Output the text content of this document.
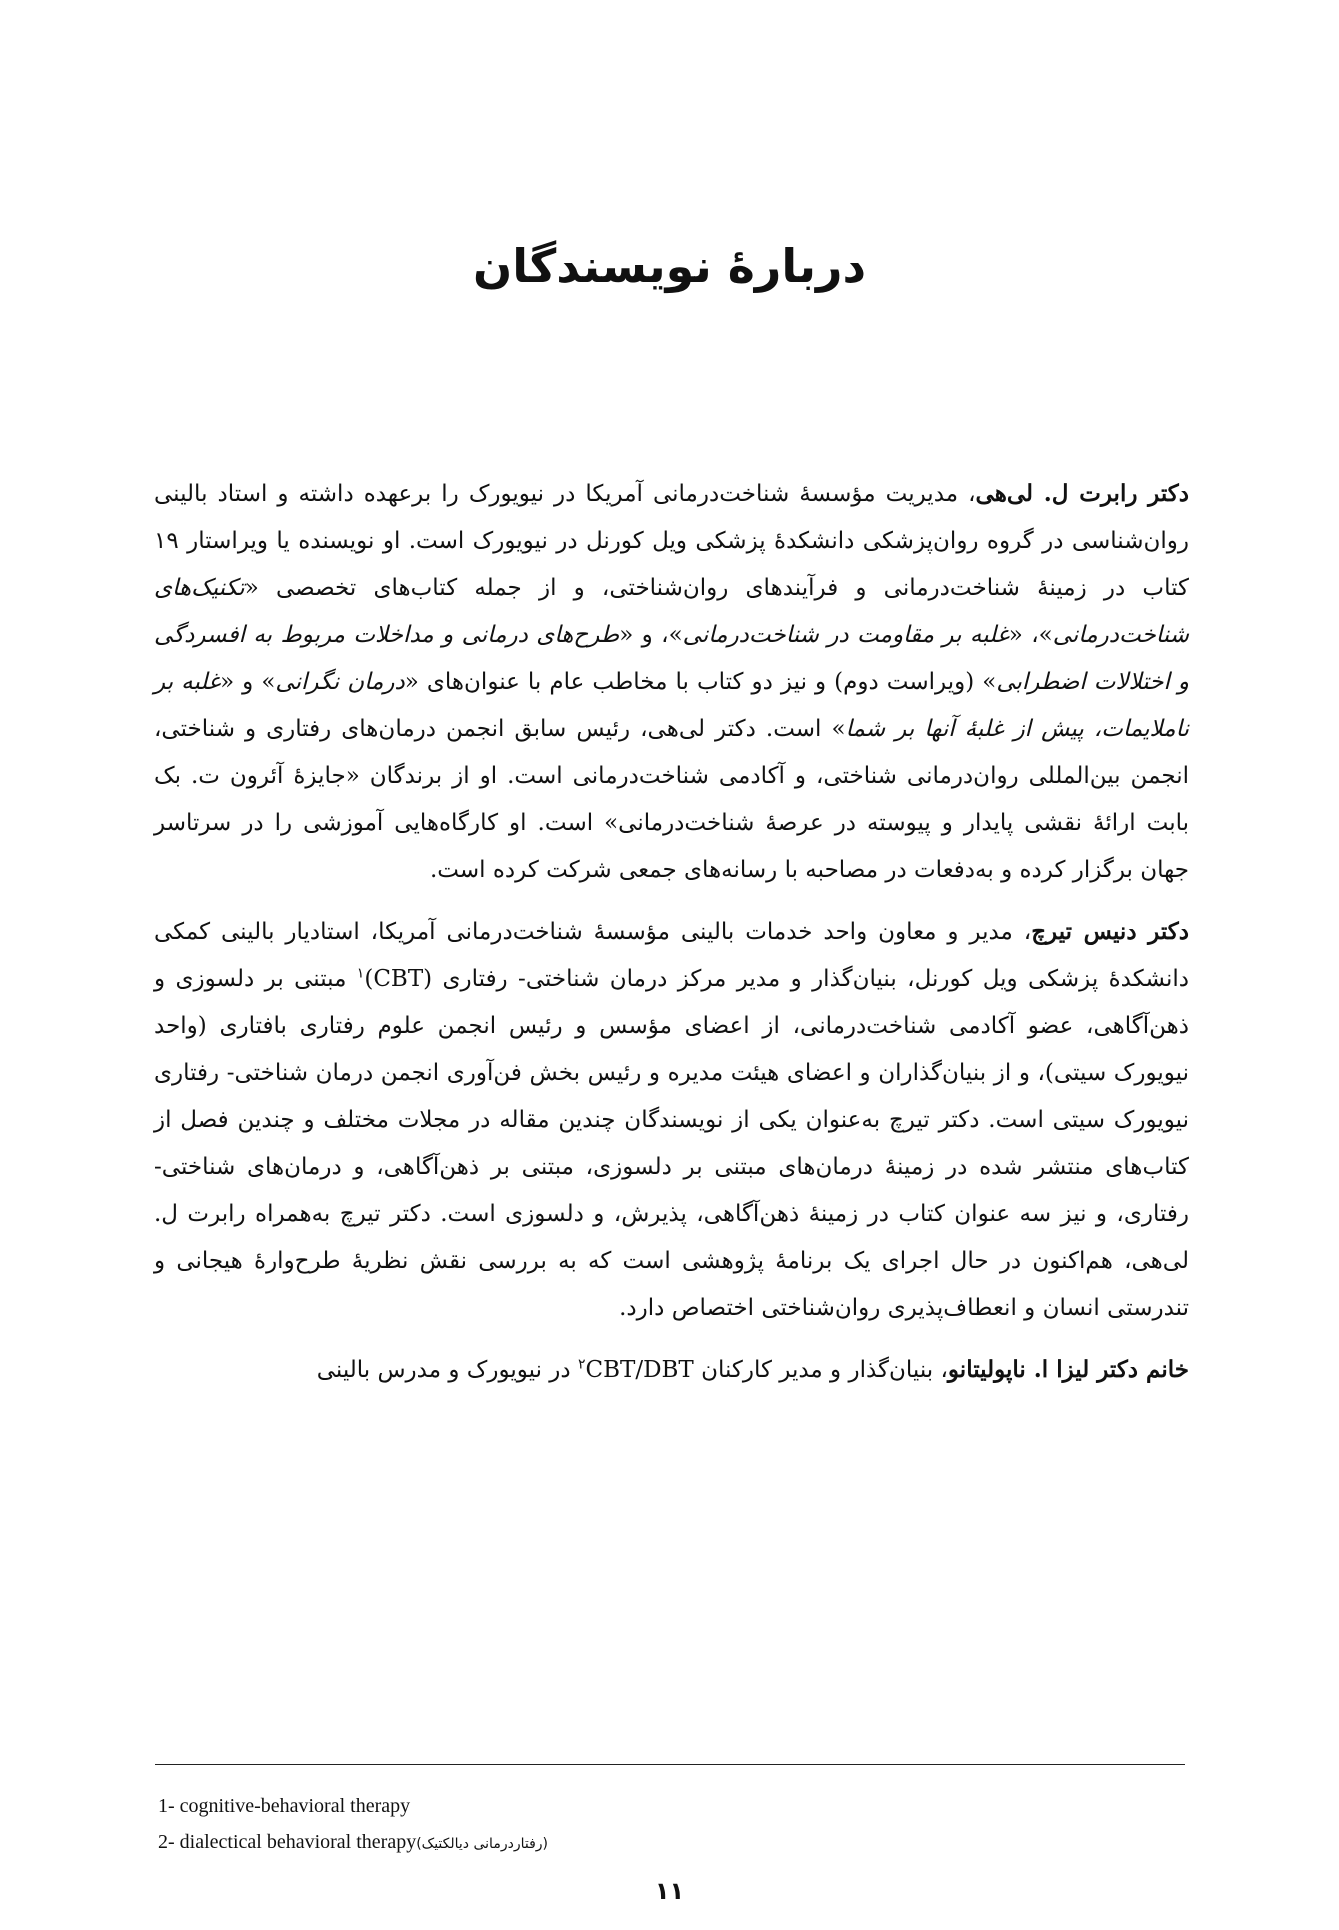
دربارهٔ نویسندگان

دکتر رابرت ل. لی‌هی، مدیریت مؤسسهٔ شناخت‌درمانی آمریکا در نیویورک را برعهده داشته و استاد بالینی روان‌شناسی در گروه روان‌پزشکی دانشکدهٔ پزشکی ویل کورنل در نیویورک است. او نویسنده یا ویراستار ۱۹ کتاب در زمینهٔ شناخت‌درمانی و فرآیندهای روان‌شناختی، و از جمله کتاب‌های تخصصی «تکنیک‌های شناخت‌درمانی»، «غلبه بر مقاومت در شناخت‌درمانی»، و «طرح‌های درمانی و مداخلات مربوط به افسردگی و اختلالات اضطرابی» (ویراست دوم) و نیز دو کتاب با مخاطب عام با عنوان‌های «درمان نگرانی» و «غلبه بر ناملایمات، پیش از غلبهٔ آنها بر شما» است. دکتر لی‌هی، رئیس سابق انجمن درمان‌های رفتاری و شناختی، انجمن بین‌المللی روان‌درمانی شناختی، و آکادمی شناخت‌درمانی است. او از برندگان «جایزهٔ آئرون ت. بک بابت ارائهٔ نقشی پایدار و پیوسته در عرصهٔ شناخت‌درمانی» است. او کارگاه‌هایی آموزشی را در سرتاسر جهان برگزار کرده و به‌دفعات در مصاحبه با رسانه‌های جمعی شرکت کرده است.

دکتر دنیس تیرچ، مدیر و معاون واحد خدمات بالینی مؤسسهٔ شناخت‌درمانی آمریکا، استادیار بالینی کمکی دانشکدهٔ پزشکی ویل کورنل، بنیان‌گذار و مدیر مرکز درمان شناختی- رفتاری (CBT)$^۱$ مبتنی بر دلسوزی و ذهن‌آگاهی، عضو آکادمی شناخت‌درمانی، از اعضای مؤسس و رئیس انجمن علوم رفتاری بافتاری (واحد نیویورک سیتی)، و از بنیان‌گذاران و اعضای هیئت مدیره و رئیس بخش فن‌آوری انجمن درمان شناختی- رفتاری نیویورک سیتی است. دکتر تیرچ به‌عنوان یکی از نویسندگان چندین مقاله در مجلات مختلف و چندین فصل از کتاب‌های منتشر شده در زمینهٔ درمان‌های مبتنی بر دلسوزی، مبتنی بر ذهن‌آگاهی، و درمان‌های شناختی- رفتاری، و نیز سه عنوان کتاب در زمینهٔ ذهن‌آگاهی، پذیرش، و دلسوزی است. دکتر تیرچ به‌همراه رابرت ل. لی‌هی، هم‌اکنون در حال اجرای یک برنامهٔ پژوهشی است که به بررسی نقش نظریهٔ طرح‌وارهٔ هیجانی و تندرستی انسان و انعطاف‌پذیری روان‌شناختی اختصاص دارد.

خانم دکتر لیزا ا. ناپولیتانو، بنیان‌گذار و مدیر کارکنان CBT/DBT$^۲$ در نیویورک و مدرس بالینی

1- cognitive-behavioral therapy

2- dialectical behavioral therapy(رفتاردرمانی دیالکتیک)

۱۱
